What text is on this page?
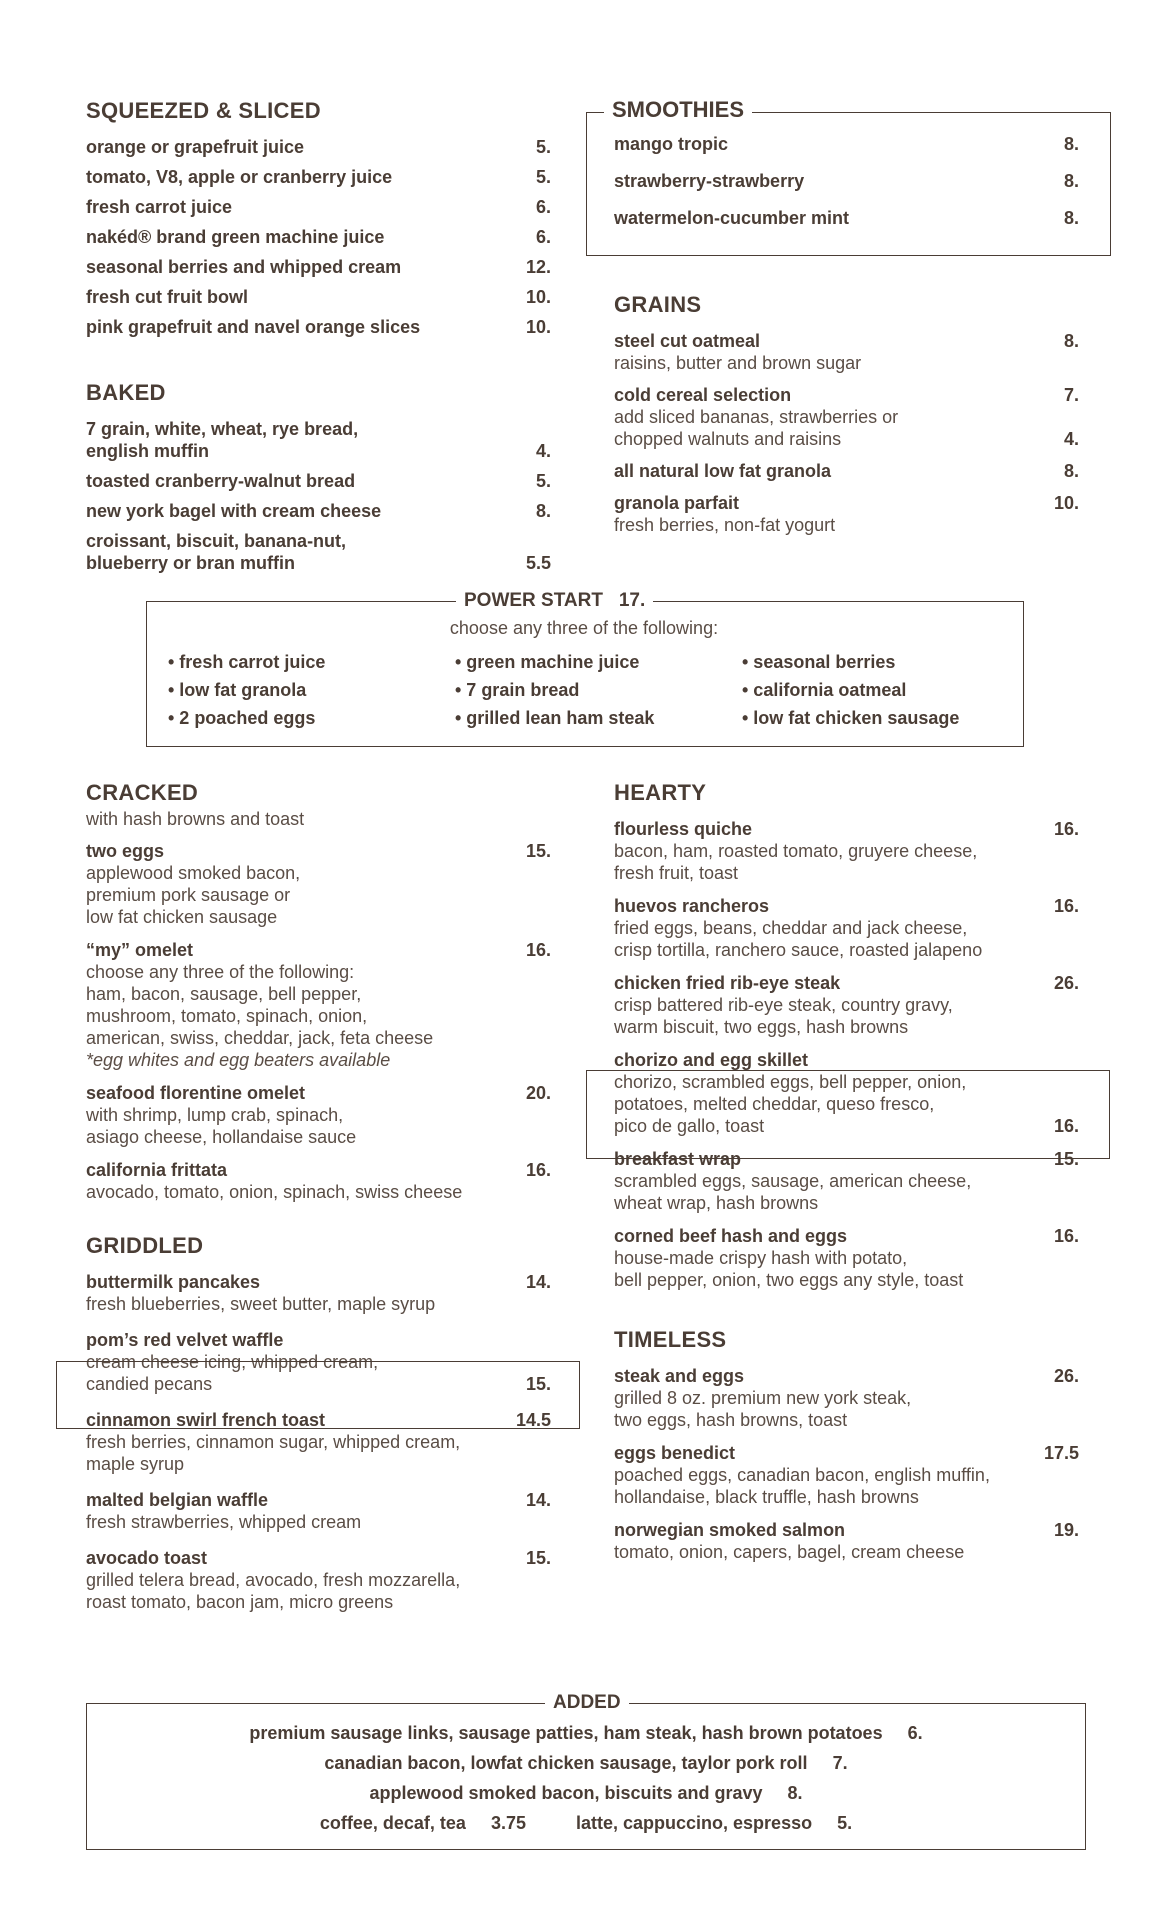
SQUEEZED & SLICED
orange or grapefruit juice	5.
tomato, V8, apple or cranberry juice	5.
fresh carrot juice	6.
nakéd® brand green machine juice	6.
seasonal berries and whipped cream	12.
fresh cut fruit bowl	10.
pink grapefruit and navel orange slices	10.
BAKED
7 grain, white, wheat, rye bread,
english muffin	4.
toasted cranberry-walnut bread	5.
new york bagel with cream cheese	8.
croissant, biscuit, banana-nut,
blueberry or bran muffin	5.5
SMOOTHIES
mango tropic	8.
strawberry-strawberry	8.
watermelon-cucumber mint	8.
GRAINS
steel cut oatmeal	8.
raisins, butter and brown sugar
cold cereal selection	7.
add sliced bananas, strawberries or
chopped walnuts and raisins	4.
all natural low fat granola	8.
granola parfait	10.
fresh berries, non-fat yogurt
POWER START 17.
choose any three of the following:
• fresh carrot juice
• low fat granola
• 2 poached eggs
• green machine juice
• 7 grain bread
• grilled lean ham steak
• seasonal berries
• california oatmeal
• low fat chicken sausage
CRACKED
with hash browns and toast
two eggs	15.
applewood smoked bacon,
premium pork sausage or
low fat chicken sausage
“my” omelet	16.
choose any three of the following:
ham, bacon, sausage, bell pepper,
mushroom, tomato, spinach, onion,
american, swiss, cheddar, jack, feta cheese
*egg whites and egg beaters available
seafood florentine omelet	20.
with shrimp, lump crab, spinach,
asiago cheese, hollandaise sauce
california frittata	16.
avocado, tomato, onion, spinach, swiss cheese
GRIDDLED
buttermilk pancakes	14.
fresh blueberries, sweet butter, maple syrup
pom’s red velvet waffle
cream cheese icing, whipped cream,
candied pecans	15.
cinnamon swirl french toast	14.5
fresh berries, cinnamon sugar, whipped cream,
maple syrup
malted belgian waffle	14.
fresh strawberries, whipped cream
avocado toast	15.
grilled telera bread, avocado, fresh mozzarella,
roast tomato, bacon jam, micro greens
HEARTY
flourless quiche	16.
bacon, ham, roasted tomato, gruyere cheese,
fresh fruit, toast
huevos rancheros	16.
fried eggs, beans, cheddar and jack cheese,
crisp tortilla, ranchero sauce, roasted jalapeno
chicken fried rib-eye steak	26.
crisp battered rib-eye steak, country gravy,
warm biscuit, two eggs, hash browns
chorizo and egg skillet
chorizo, scrambled eggs, bell pepper, onion,
potatoes, melted cheddar, queso fresco,
pico de gallo, toast	16.
breakfast wrap	15.
scrambled eggs, sausage, american cheese,
wheat wrap, hash browns
corned beef hash and eggs	16.
house-made crispy hash with potato,
bell pepper, onion, two eggs any style, toast
TIMELESS
steak and eggs	26.
grilled 8 oz. premium new york steak,
two eggs, hash browns, toast
eggs benedict	17.5
poached eggs, canadian bacon, english muffin,
hollandaise, black truffle, hash browns
norwegian smoked salmon	19.
tomato, onion, capers, bagel, cream cheese
ADDED
premium sausage links, sausage patties, ham steak, hash brown potatoes 6.
canadian bacon, lowfat chicken sausage, taylor pork roll 7.
applewood smoked bacon, biscuits and gravy 8.
coffee, decaf, tea 3.75	latte, cappuccino, espresso 5.
